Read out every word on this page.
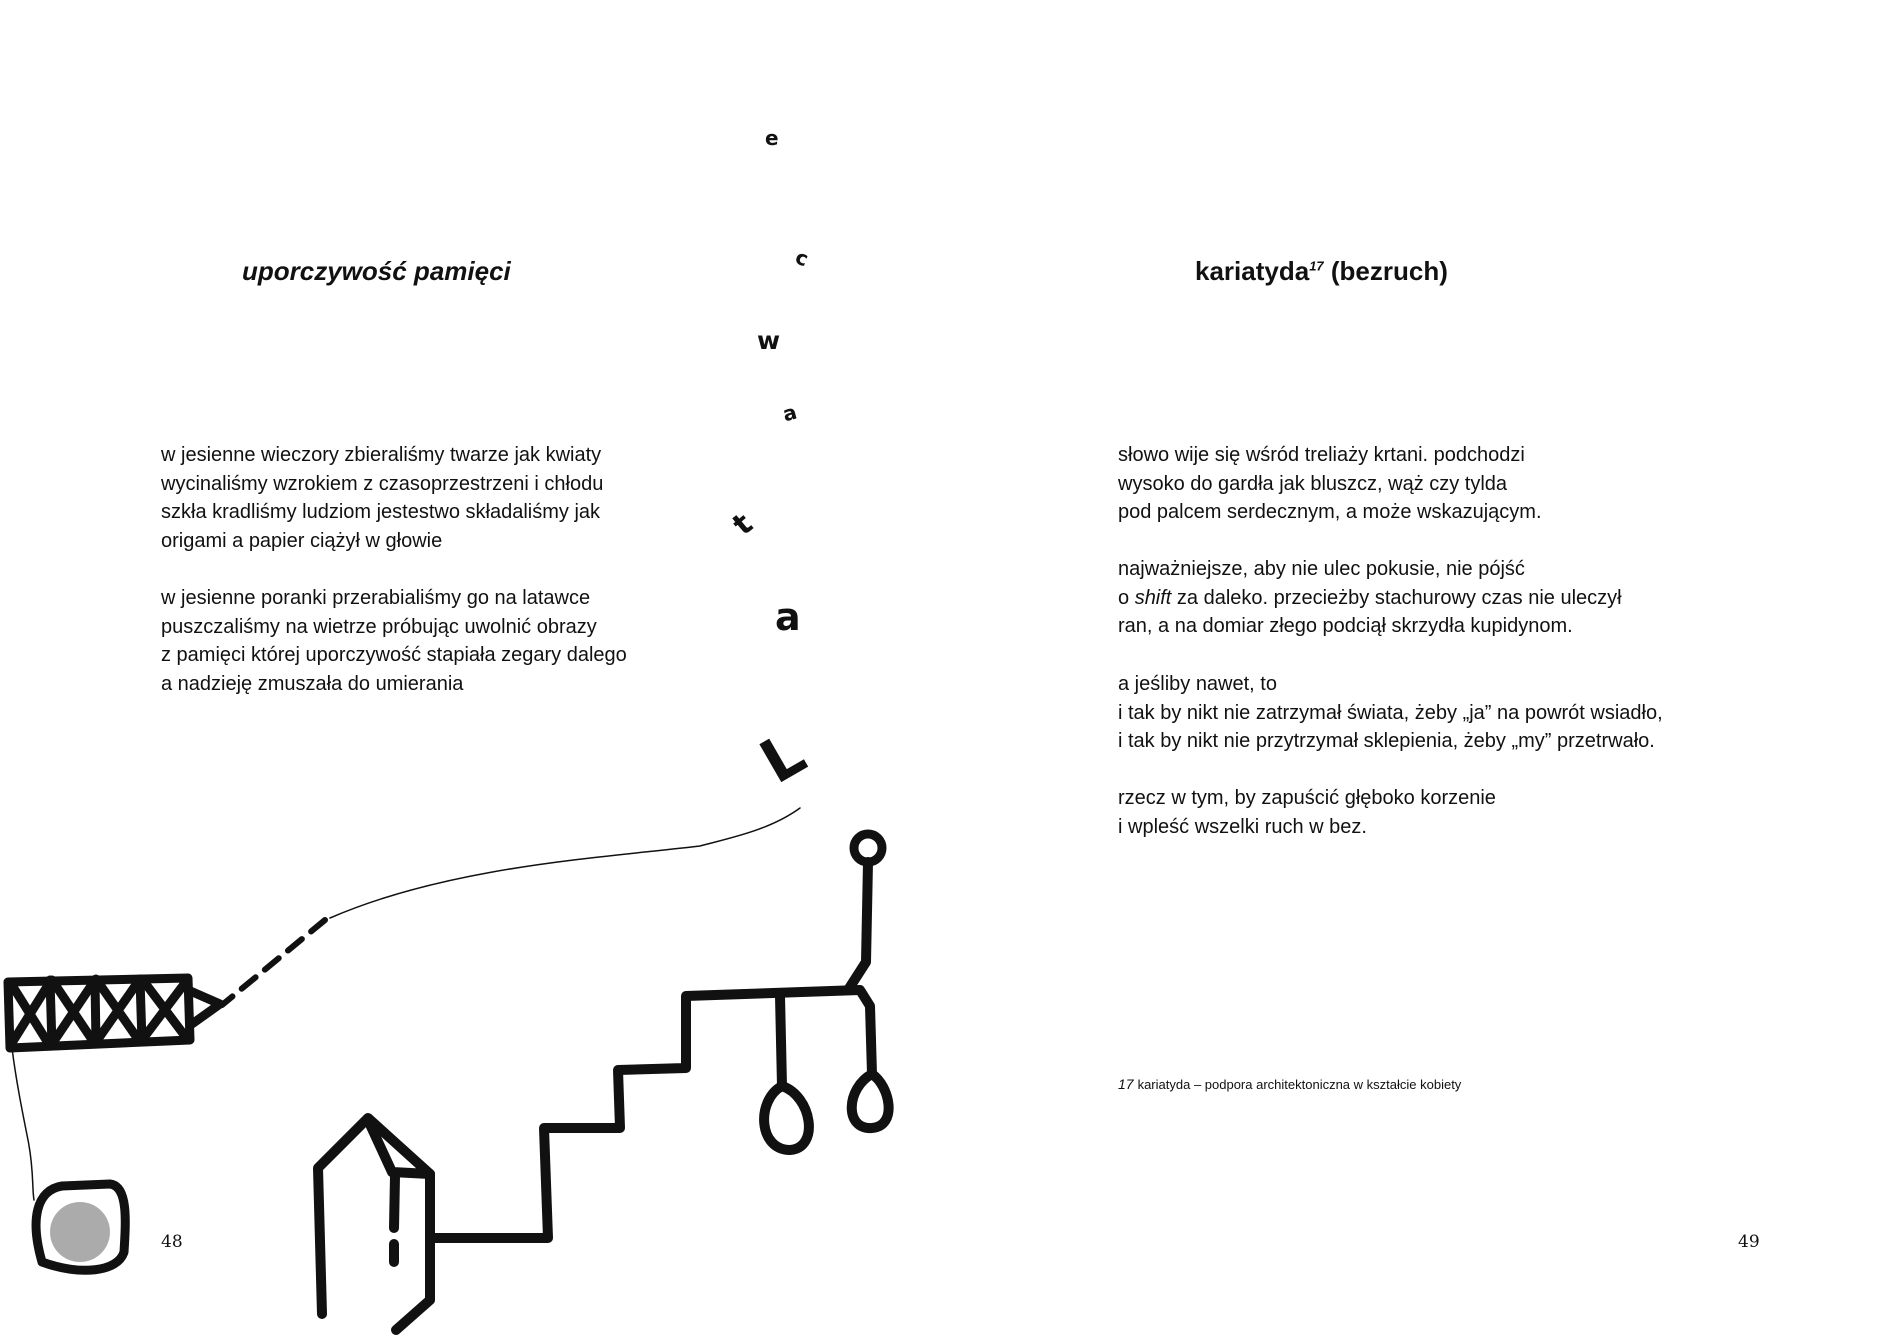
e
c
w
a
t
a
L
uporczywość pamięci
w jesienne wieczory zbieraliśmy twarze jak kwiaty
wycinaliśmy wzrokiem z czasoprzestrzeni i chłodu
szkła kradliśmy ludziom jestestwo składaliśmy jak
origami a papier ciążył w głowie
w jesienne poranki przerabialiśmy go na latawce
puszczaliśmy na wietrze próbując uwolnić obrazy
z pamięci której uporczywość stapiała zegary dalego
a nadzieję zmuszała do umierania
48
kariatyda$^{17}$ (bezruch)
słowo wije się wśród treliaży krtani. podchodzi
wysoko do gardła jak bluszcz, wąż czy tylda
pod palcem serdecznym, a może wskazującym.
najważniejsze, aby nie ulec pokusie, nie pójść
o shift za daleko. przecieżby stachurowy czas nie uleczył
ran, a na domiar złego podciął skrzydła kupidynom.
a jeśliby nawet, to
i tak by nikt nie zatrzymał świata, żeby „ja” na powrót wsiadło,
i tak by nikt nie przytrzymał sklepienia, żeby „my” przetrwało.
rzecz w tym, by zapuścić głęboko korzenie
i wpleść wszelki ruch w bez.
17 kariatyda – podpora architektoniczna w kształcie kobiety
49
